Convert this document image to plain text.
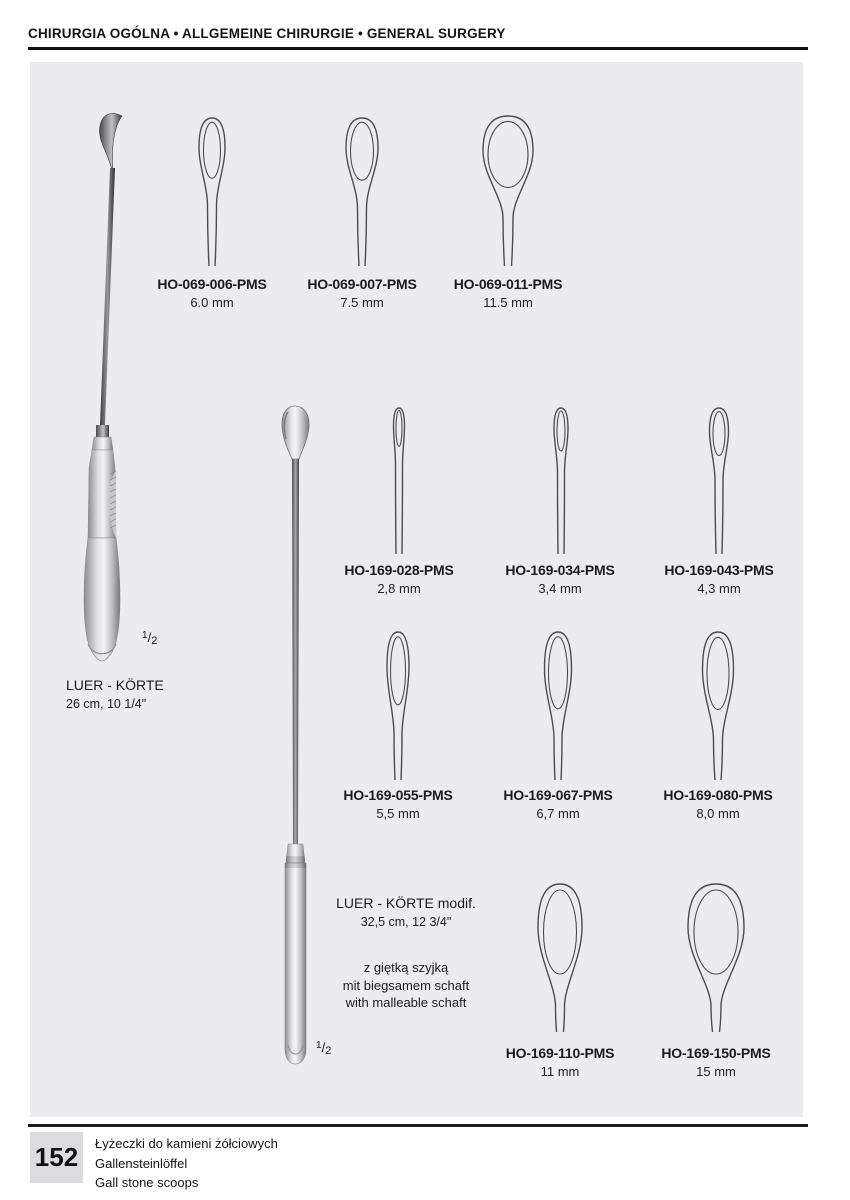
CHIRURGIA OGÓLNA • ALLGEMEINE CHIRURGIE • GENERAL SURGERY
HO-069-006-PMS
6.0 mm
HO-069-007-PMS
7.5 mm
HO-069-011-PMS
11.5 mm
$^1/_2$
LUER - KÖRTE
26 cm, 10 1/4"
$^1/_2$
LUER - KÖRTE modif.
32,5 cm, 12 3/4"
z giętką szyjką
mit biegsamem schaft
with malleable schaft
HO-169-028-PMS
2,8 mm
HO-169-034-PMS
3,4 mm
HO-169-043-PMS
4,3 mm
HO-169-055-PMS
5,5 mm
HO-169-067-PMS
6,7 mm
HO-169-080-PMS
8,0 mm
HO-169-110-PMS
11 mm
HO-169-150-PMS
15 mm
152 Łyżeczki do kamieni żółciowych
Gallensteinlöffel
Gall stone scoops
